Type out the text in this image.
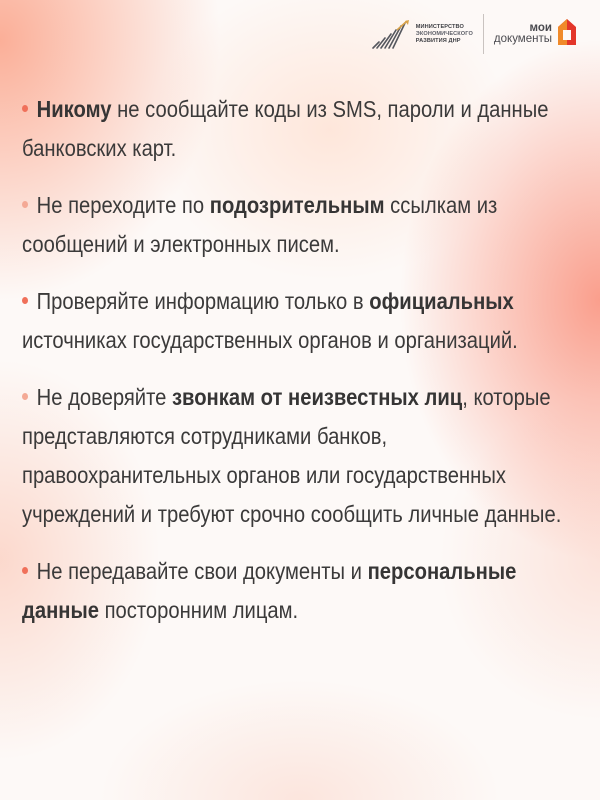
МИНИСТЕРСТВО
ЭКОНОМИЧЕСКОГО
РАЗВИТИЯ ДНР
мои
документы
Никому не сообщайте коды из SMS, пароли и данные банковских карт.
Не переходите по подозрительным ссылкам из сообщений и электронных писем.
Проверяйте информацию только в официальных источниках государственных органов и организаций.
Не доверяйте звонкам от неизвестных лиц, которые представляются сотрудниками банков, правоохранительных органов или государственных учреждений и требуют срочно сообщить личные данные.
Не передавайте свои документы и персональные данные посторонним лицам.
